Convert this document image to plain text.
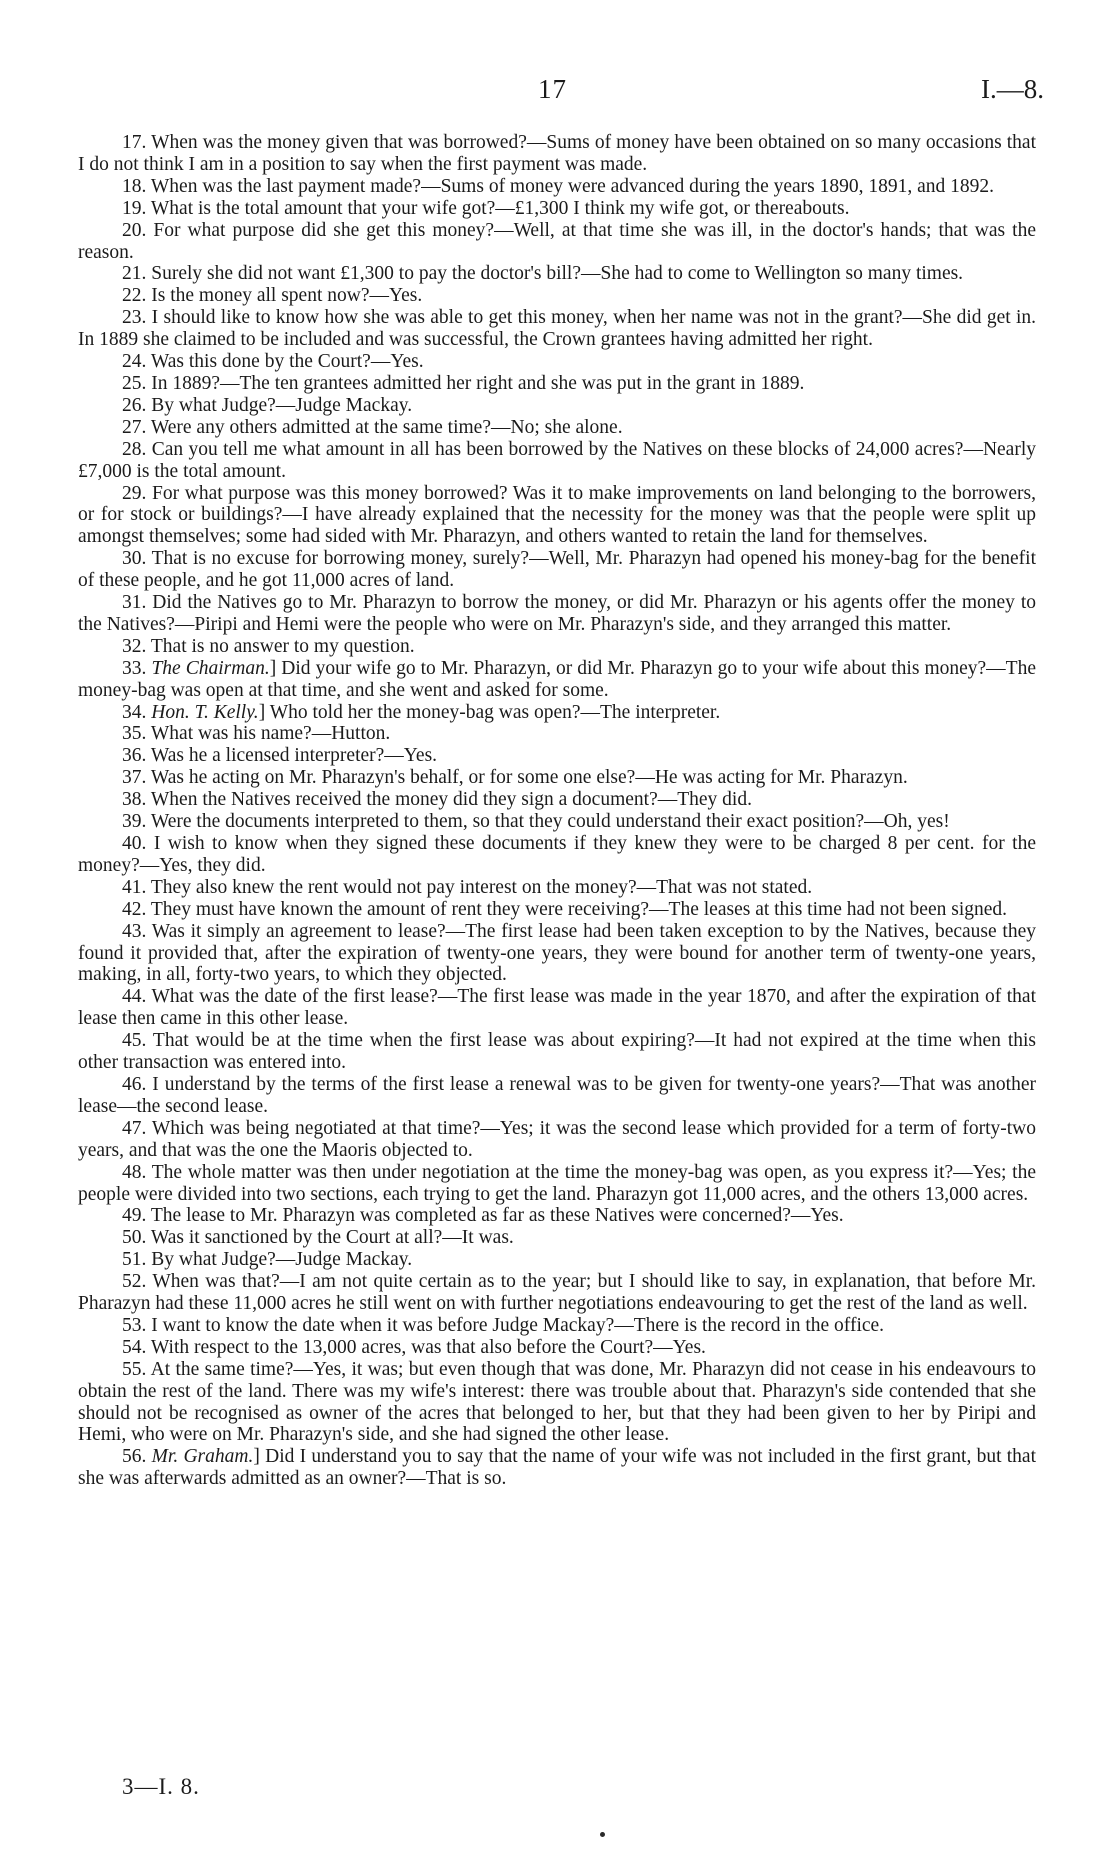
17	I.—8.

17. When was the money given that was borrowed?—Sums of money have been obtained on so many occasions that I do not think I am in a position to say when the first payment was made.

18. When was the last payment made?—Sums of money were advanced during the years 1890, 1891, and 1892.

19. What is the total amount that your wife got?—£1,300 I think my wife got, or thereabouts.

20. For what purpose did she get this money?—Well, at that time she was ill, in the doctor's hands; that was the reason.

21. Surely she did not want £1,300 to pay the doctor's bill?—She had to come to Wellington so many times.

22. Is the money all spent now?—Yes.

23. I should like to know how she was able to get this money, when her name was not in the grant?—She did get in. In 1889 she claimed to be included and was successful, the Crown grantees having admitted her right.

24. Was this done by the Court?—Yes.

25. In 1889?—The ten grantees admitted her right and she was put in the grant in 1889.

26. By what Judge?—Judge Mackay.

27. Were any others admitted at the same time?—No; she alone.

28. Can you tell me what amount in all has been borrowed by the Natives on these blocks of 24,000 acres?—Nearly £7,000 is the total amount.

29. For what purpose was this money borrowed? Was it to make improvements on land belonging to the borrowers, or for stock or buildings?—I have already explained that the necessity for the money was that the people were split up amongst themselves; some had sided with Mr. Pharazyn, and others wanted to retain the land for themselves.

30. That is no excuse for borrowing money, surely?—Well, Mr. Pharazyn had opened his money-bag for the benefit of these people, and he got 11,000 acres of land.

31. Did the Natives go to Mr. Pharazyn to borrow the money, or did Mr. Pharazyn or his agents offer the money to the Natives?—Piripi and Hemi were the people who were on Mr. Pharazyn's side, and they arranged this matter.

32. That is no answer to my question.

33. The Chairman.] Did your wife go to Mr. Pharazyn, or did Mr. Pharazyn go to your wife about this money?—The money-bag was open at that time, and she went and asked for some.

34. Hon. T. Kelly.] Who told her the money-bag was open?—The interpreter.

35. What was his name?—Hutton.

36. Was he a licensed interpreter?—Yes.

37. Was he acting on Mr. Pharazyn's behalf, or for some one else?—He was acting for Mr. Pharazyn.

38. When the Natives received the money did they sign a document?—They did.

39. Were the documents interpreted to them, so that they could understand their exact position?—Oh, yes!

40. I wish to know when they signed these documents if they knew they were to be charged 8 per cent. for the money?—Yes, they did.

41. They also knew the rent would not pay interest on the money?—That was not stated.

42. They must have known the amount of rent they were receiving?—The leases at this time had not been signed.

43. Was it simply an agreement to lease?—The first lease had been taken exception to by the Natives, because they found it provided that, after the expiration of twenty-one years, they were bound for another term of twenty-one years, making, in all, forty-two years, to which they objected.

44. What was the date of the first lease?—The first lease was made in the year 1870, and after the expiration of that lease then came in this other lease.

45. That would be at the time when the first lease was about expiring?—It had not expired at the time when this other transaction was entered into.

46. I understand by the terms of the first lease a renewal was to be given for twenty-one years?—That was another lease—the second lease.

47. Which was being negotiated at that time?—Yes; it was the second lease which provided for a term of forty-two years, and that was the one the Maoris objected to.

48. The whole matter was then under negotiation at the time the money-bag was open, as you express it?—Yes; the people were divided into two sections, each trying to get the land. Pharazyn got 11,000 acres, and the others 13,000 acres.

49. The lease to Mr. Pharazyn was completed as far as these Natives were concerned?—Yes.

50. Was it sanctioned by the Court at all?—It was.

51. By what Judge?—Judge Mackay.

52. When was that?—I am not quite certain as to the year; but I should like to say, in explanation, that before Mr. Pharazyn had these 11,000 acres he still went on with further negotiations endeavouring to get the rest of the land as well.

53. I want to know the date when it was before Judge Mackay?—There is the record in the office.

54. With respect to the 13,000 acres, was that also before the Court?—Yes.

55. At the same time?—Yes, it was; but even though that was done, Mr. Pharazyn did not cease in his endeavours to obtain the rest of the land. There was my wife's interest: there was trouble about that. Pharazyn's side contended that she should not be recognised as owner of the acres that belonged to her, but that they had been given to her by Piripi and Hemi, who were on Mr. Pharazyn's side, and she had signed the other lease.

56. Mr. Graham.] Did I understand you to say that the name of your wife was not included in the first grant, but that she was afterwards admitted as an owner?—That is so.

3—I. 8.
